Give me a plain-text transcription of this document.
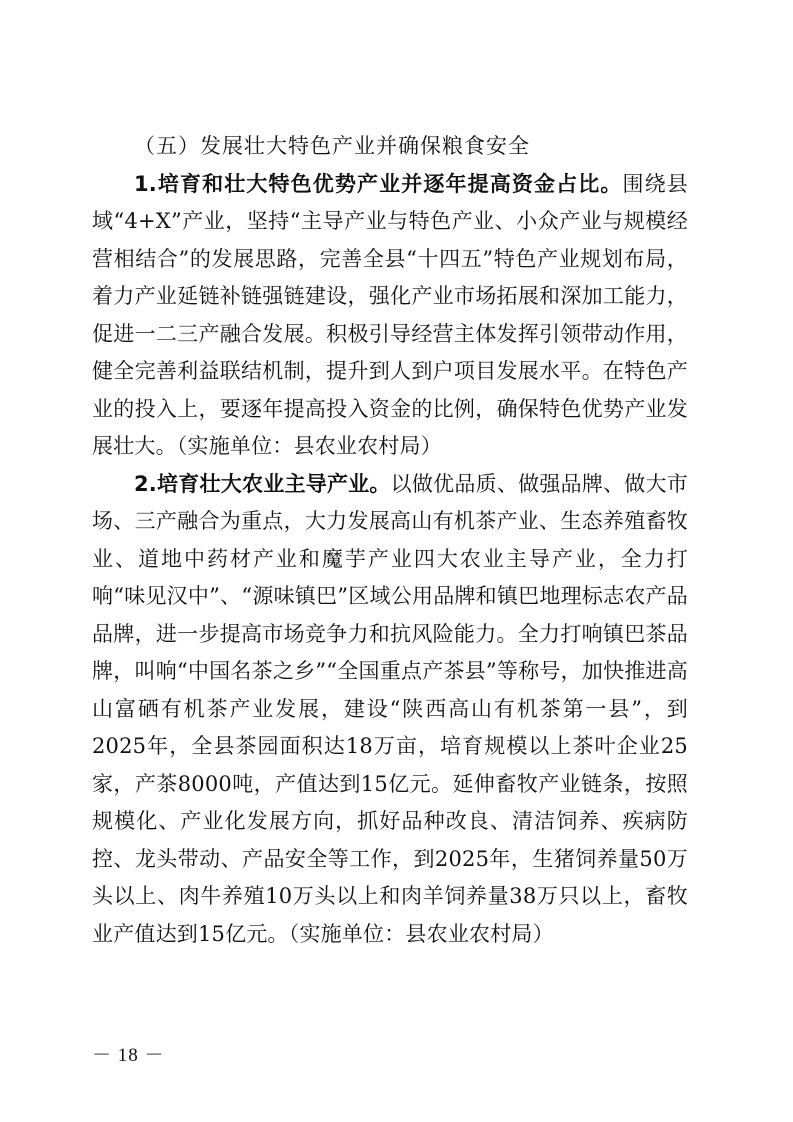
（五）发展壮大特色产业并确保粮食安全

1.培育和壮大特色优势产业并逐年提高资金占比。围绕县域“4+X”产业，坚持“主导产业与特色产业、小众产业与规模经营相结合”的发展思路，完善全县“十四五”特色产业规划布局，着力产业延链补链强链建设，强化产业市场拓展和深加工能力，促进一二三产融合发展。积极引导经营主体发挥引领带动作用，健全完善利益联结机制，提升到人到户项目发展水平。在特色产业的投入上，要逐年提高投入资金的比例，确保特色优势产业发展壮大。（实施单位：县农业农村局）

2.培育壮大农业主导产业。以做优品质、做强品牌、做大市场、三产融合为重点，大力发展高山有机茶产业、生态养殖畜牧业、道地中药材产业和魔芋产业四大农业主导产业，全力打响“味见汉中”、“源味镇巴”区域公用品牌和镇巴地理标志农产品品牌，进一步提高市场竞争力和抗风险能力。全力打响镇巴茶品牌，叫响“中国名茶之乡”“全国重点产茶县”等称号，加快推进高山富硒有机茶产业发展，建设“陕西高山有机茶第一县”，到2025年，全县茶园面积达18万亩，培育规模以上茶叶企业25家，产茶8000吨，产值达到15亿元。延伸畜牧产业链条，按照规模化、产业化发展方向，抓好品种改良、清洁饲养、疾病防控、龙头带动、产品安全等工作，到2025年，生猪饲养量50万头以上、肉牛养殖10万头以上和肉羊饲养量38万只以上，畜牧业产值达到15亿元。（实施单位：县农业农村局）

－ 18 －
